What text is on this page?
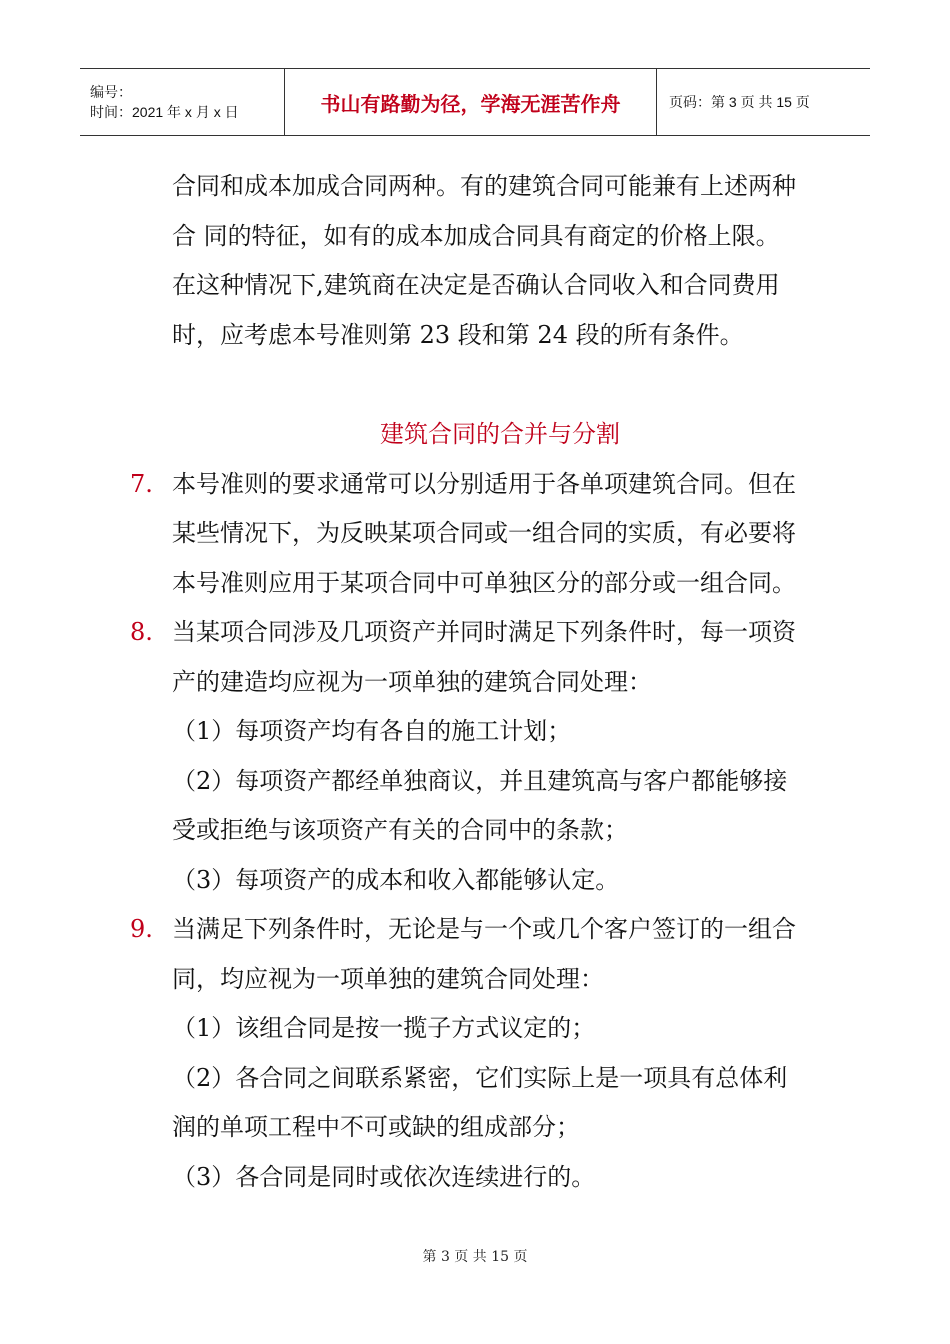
编号：
时间：2021 年 x 月 x 日	书山有路勤为径，学海无涯苦作舟	页码：第 3 页 共 15 页
合同和成本加成合同两种。有的建筑合同可能兼有上述两种
合 同的特征，如有的成本加成合同具有商定的价格上限。
在这种情况下,建筑商在决定是否确认合同收入和合同费用
时，应考虑本号准则第 23 段和第 24 段的所有条件。
建筑合同的合并与分割
7. 本号准则的要求通常可以分别适用于各单项建筑合同。但在
某些情况下，为反映某项合同或一组合同的实质，有必要将
本号准则应用于某项合同中可单独区分的部分或一组合同。
8. 当某项合同涉及几项资产并同时满足下列条件时，每一项资
产的建造均应视为一项单独的建筑合同处理：
（1）每项资产均有各自的施工计划；
（2）每项资产都经单独商议，并且建筑高与客户都能够接
受或拒绝与该项资产有关的合同中的条款；
（3）每项资产的成本和收入都能够认定。
9. 当满足下列条件时，无论是与一个或几个客户签订的一组合
同，均应视为一项单独的建筑合同处理：
（1）该组合同是按一揽子方式议定的；
（2）各合同之间联系紧密，它们实际上是一项具有总体利
润的单项工程中不可或缺的组成部分；
（3）各合同是同时或依次连续进行的。
第 3 页 共 15 页
